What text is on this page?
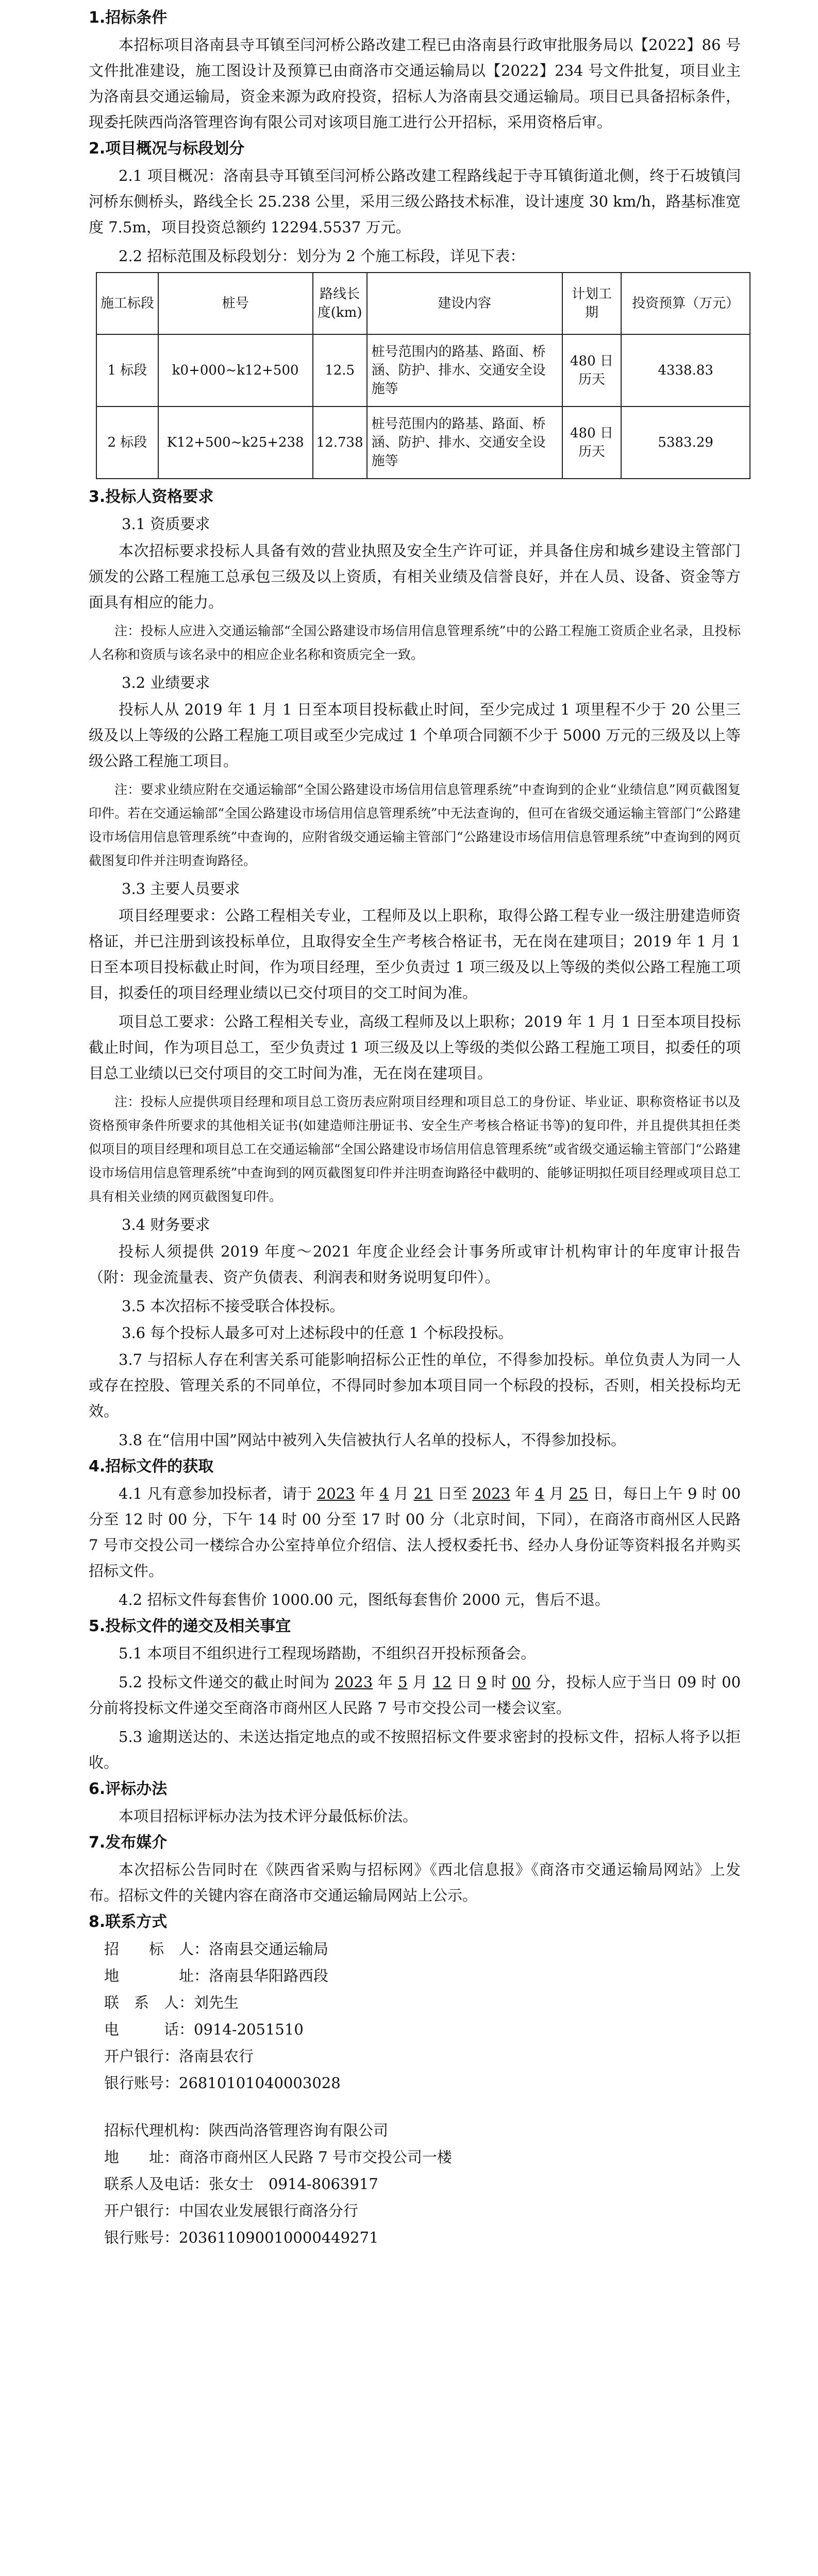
1.招标条件

本招标项目洛南县寺耳镇至闫河桥公路改建工程已由洛南县行政审批服务局以【2022】86 号文件批准建设，施工图设计及预算已由商洛市交通运输局以【2022】234 号文件批复，项目业主为洛南县交通运输局，资金来源为政府投资，招标人为洛南县交通运输局。项目已具备招标条件，现委托陕西尚洛管理咨询有限公司对该项目施工进行公开招标，采用资格后审。

2.项目概况与标段划分

2.1 项目概况：洛南县寺耳镇至闫河桥公路改建工程路线起于寺耳镇街道北侧，终于石坡镇闫河桥东侧桥头，路线全长 25.238 公里，采用三级公路技术标准，设计速度 30 km/h，路基标准宽度 7.5m，项目投资总额约 12294.5537 万元。

2.2 招标范围及标段划分：划分为 2 个施工标段，详见下表：

施工标段	桩号	路线长度(km)	建设内容	计划工期	投资预算（万元）
1 标段	k0+000~k12+500	12.5	桩号范围内的路基、路面、桥涵、防护、排水、交通安全设施等	480 日历天	4338.83
2 标段	K12+500~k25+238	12.738	桩号范围内的路基、路面、桥涵、防护、排水、交通安全设施等	480 日历天	5383.29
3.投标人资格要求
3.1 资质要求

本次招标要求投标人具备有效的营业执照及安全生产许可证，并具备住房和城乡建设主管部门颁发的公路工程施工总承包三级及以上资质，有相关业绩及信誉良好，并在人员、设备、资金等方面具有相应的能力。

注：投标人应进入交通运输部“全国公路建设市场信用信息管理系统”中的公路工程施工资质企业名录，且投标人名称和资质与该名录中的相应企业名称和资质完全一致。

3.2 业绩要求

投标人从 2019 年 1 月 1 日至本项目投标截止时间，至少完成过 1 项里程不少于 20 公里三级及以上等级的公路工程施工项目或至少完成过 1 个单项合同额不少于 5000 万元的三级及以上等级公路工程施工项目。

注：要求业绩应附在交通运输部“全国公路建设市场信用信息管理系统”中查询到的企业“业绩信息”网页截图复印件。若在交通运输部“全国公路建设市场信用信息管理系统”中无法查询的，但可在省级交通运输主管部门“公路建设市场信用信息管理系统”中查询的，应附省级交通运输主管部门“公路建设市场信用信息管理系统”中查询到的网页截图复印件并注明查询路径。

3.3 主要人员要求

项目经理要求：公路工程相关专业，工程师及以上职称，取得公路工程专业一级注册建造师资格证，并已注册到该投标单位，且取得安全生产考核合格证书，无在岗在建项目；2019 年 1 月 1 日至本项目投标截止时间，作为项目经理，至少负责过 1 项三级及以上等级的类似公路工程施工项目，拟委任的项目经理业绩以已交付项目的交工时间为准。

项目总工要求：公路工程相关专业，高级工程师及以上职称；2019 年 1 月 1 日至本项目投标截止时间，作为项目总工，至少负责过 1 项三级及以上等级的类似公路工程施工项目，拟委任的项目总工业绩以已交付项目的交工时间为准，无在岗在建项目。

注：投标人应提供项目经理和项目总工资历表应附项目经理和项目总工的身份证、毕业证、职称资格证书以及资格预审条件所要求的其他相关证书(如建造师注册证书、安全生产考核合格证书等)的复印件，并且提供其担任类似项目的项目经理和项目总工在交通运输部“全国公路建设市场信用信息管理系统”或省级交通运输主管部门“公路建设市场信用信息管理系统”中查询到的网页截图复印件并注明查询路径中截明的、能够证明拟任项目经理或项目总工具有相关业绩的网页截图复印件。

3.4 财务要求

投标人须提供 2019 年度～2021 年度企业经会计事务所或审计机构审计的年度审计报告（附：现金流量表、资产负债表、利润表和财务说明复印件）。

3.5 本次招标不接受联合体投标。
3.6 每个投标人最多可对上述标段中的任意 1 个标段投标。

3.7 与招标人存在利害关系可能影响招标公正性的单位，不得参加投标。单位负责人为同一人或存在控股、管理关系的不同单位，不得同时参加本项目同一个标段的投标，否则，相关投标均无效。

3.8 在“信用中国”网站中被列入失信被执行人名单的投标人，不得参加投标。

4.招标文件的获取

4.1 凡有意参加投标者，请于 2023 年 4 月 21 日至 2023 年 4 月 25 日，每日上午 9 时 00 分至 12 时 00 分，下午 14 时 00 分至 17 时 00 分（北京时间，下同），在商洛市商州区人民路 7 号市交投公司一楼综合办公室持单位介绍信、法人授权委托书、经办人身份证等资料报名并购买招标文件。

4.2 招标文件每套售价 1000.00 元，图纸每套售价 2000 元，售后不退。

5.投标文件的递交及相关事宜

5.1 本项目不组织进行工程现场踏勘，不组织召开投标预备会。

5.2 投标文件递交的截止时间为 2023 年 5 月 12 日 9 时 00 分，投标人应于当日 09 时 00 分前将投标文件递交至商洛市商州区人民路 7 号市交投公司一楼会议室。

5.3 逾期送达的、未送达指定地点的或不按照招标文件要求密封的投标文件，招标人将予以拒收。

6.评标办法

本项目招标评标办法为技术评分最低标价法。

7.发布媒介

本次招标公告同时在《陕西省采购与招标网》《西北信息报》《商洛市交通运输局网站》上发布。招标文件的关键内容在商洛市交通运输局网站上公示。

8.联系方式
招　　标　人：洛南县交通运输局
地　　　　址：洛南县华阳路西段
联　系　人：刘先生
电　　　话：0914-2051510
开户银行：洛南县农行
银行账号：26810101040003028
招标代理机构：陕西尚洛管理咨询有限公司
地　　址：商洛市商州区人民路 7 号市交投公司一楼
联系人及电话：张女士　0914-8063917
开户银行：中国农业发展银行商洛分行
银行账号：20361109001000044927​1
